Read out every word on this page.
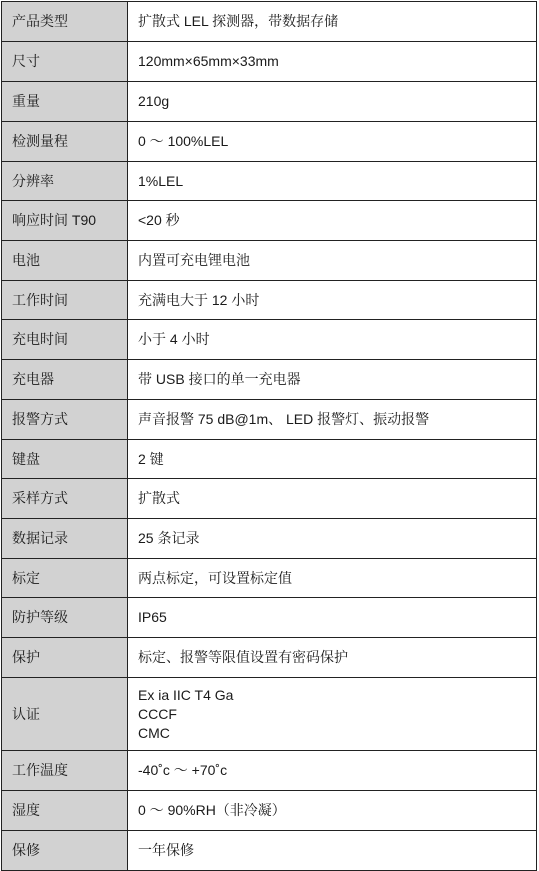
产品类型	扩散式 LEL 探测器，带数据存储

尺寸	120mm×65mm×33mm

重量	210g

检测量程	0 ～ 100%LEL

分辨率	1%LEL

响应时间 T90	<20 秒

电池	内置可充电锂电池

工作时间	充满电大于 12 小时

充电时间	小于 4 小时

充电器	带 USB 接口的单一充电器

报警方式	声音报警 75 dB@1m、 LED 报警灯、振动报警

键盘	2 键

采样方式	扩散式

数据记录	25 条记录

标定	两点标定，可设置标定值

防护等级	IP65

保护	标定、报警等限值设置有密码保护

认证	Ex ia IIC T4 Ga
CCCF
CMC

工作温度	-40˚c ～ +70˚c

湿度	0 ～ 90%RH（非冷凝）

保修	一年保修
